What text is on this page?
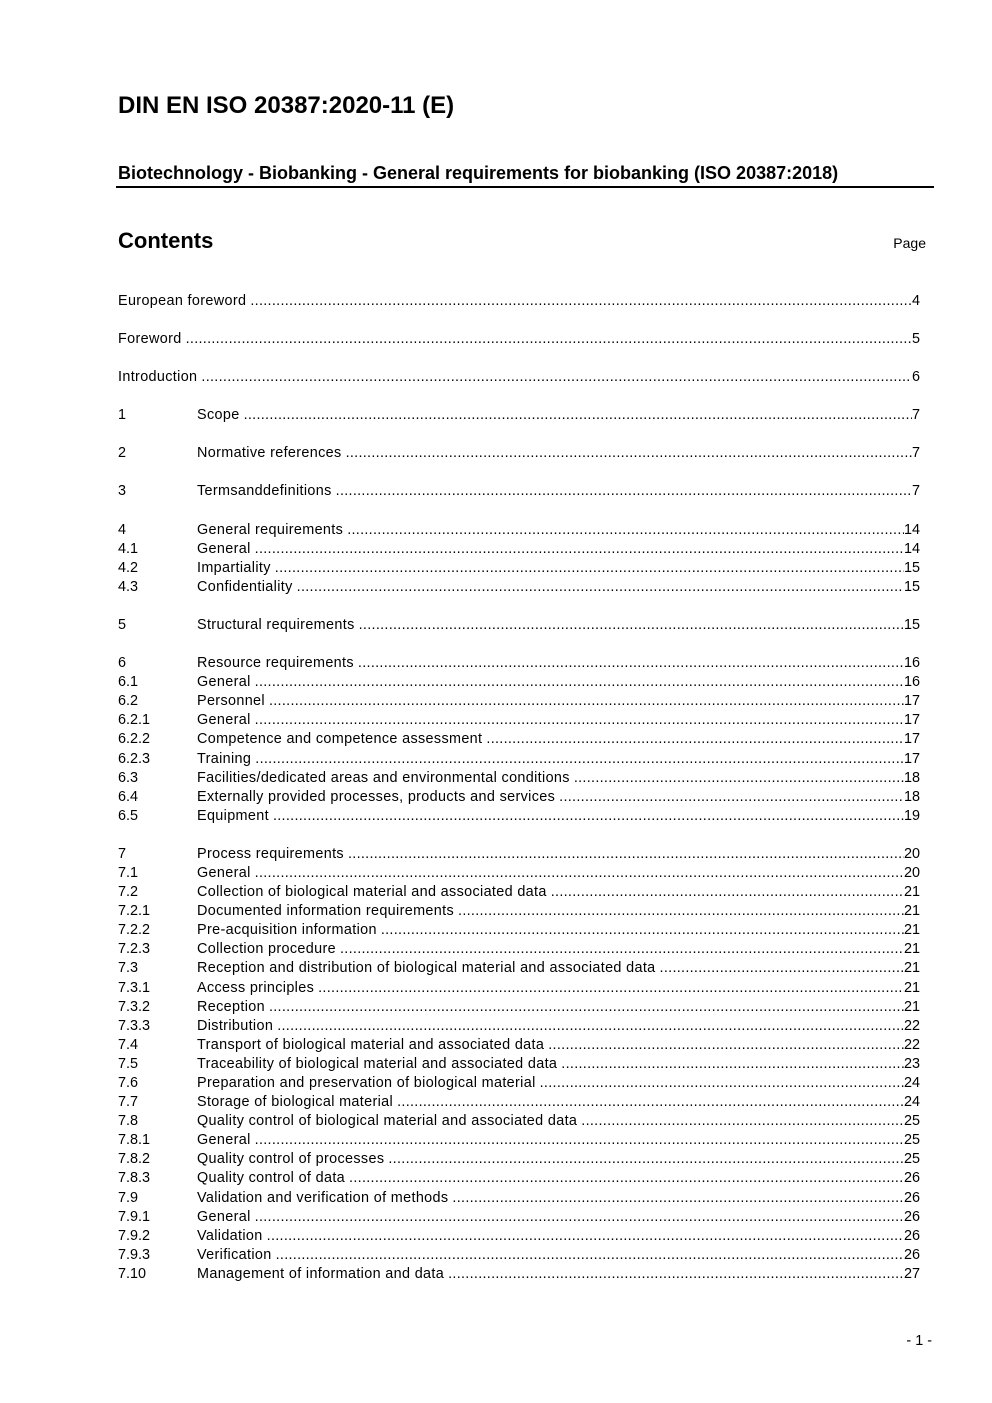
DIN EN ISO 20387:2020-11 (E)
Biotechnology - Biobanking - General requirements for biobanking (ISO 20387:2018)
Contents	Page
European foreword .....	4
Foreword .....	5
Introduction .....	6
1	Scope .....	7
2	Normative references .....	7
3	Termsanddefinitions .....	7
4	General requirements .....	14
4.1	General .....	14
4.2	Impartiality .....	15
4.3	Confidentiality .....	15
5	Structural requirements .....	15
6	Resource requirements .....	16
6.1	General .....	16
6.2	Personnel .....	17
6.2.1	General .....	17
6.2.2	Competence and competence assessment .....	17
6.2.3	Training .....	17
6.3	Facilities/dedicated areas and environmental conditions .....	18
6.4	Externally provided processes, products and services .....	18
6.5	Equipment .....	19
7	Process requirements .....	20
7.1	General .....	20
7.2	Collection of biological material and associated data .....	21
7.2.1	Documented information requirements .....	21
7.2.2	Pre-acquisition information .....	21
7.2.3	Collection procedure .....	21
7.3	Reception and distribution of biological material and associated data .....	21
7.3.1	Access principles .....	21
7.3.2	Reception .....	21
7.3.3	Distribution .....	22
7.4	Transport of biological material and associated data .....	22
7.5	Traceability of biological material and associated data .....	23
7.6	Preparation and preservation of biological material .....	24
7.7	Storage of biological material .....	24
7.8	Quality control of biological material and associated data .....	25
7.8.1	General .....	25
7.8.2	Quality control of processes .....	25
7.8.3	Quality control of data .....	26
7.9	Validation and verification of methods .....	26
7.9.1	General .....	26
7.9.2	Validation .....	26
7.9.3	Verification .....	26
7.10	Management of information and data .....	27
- 1 -
